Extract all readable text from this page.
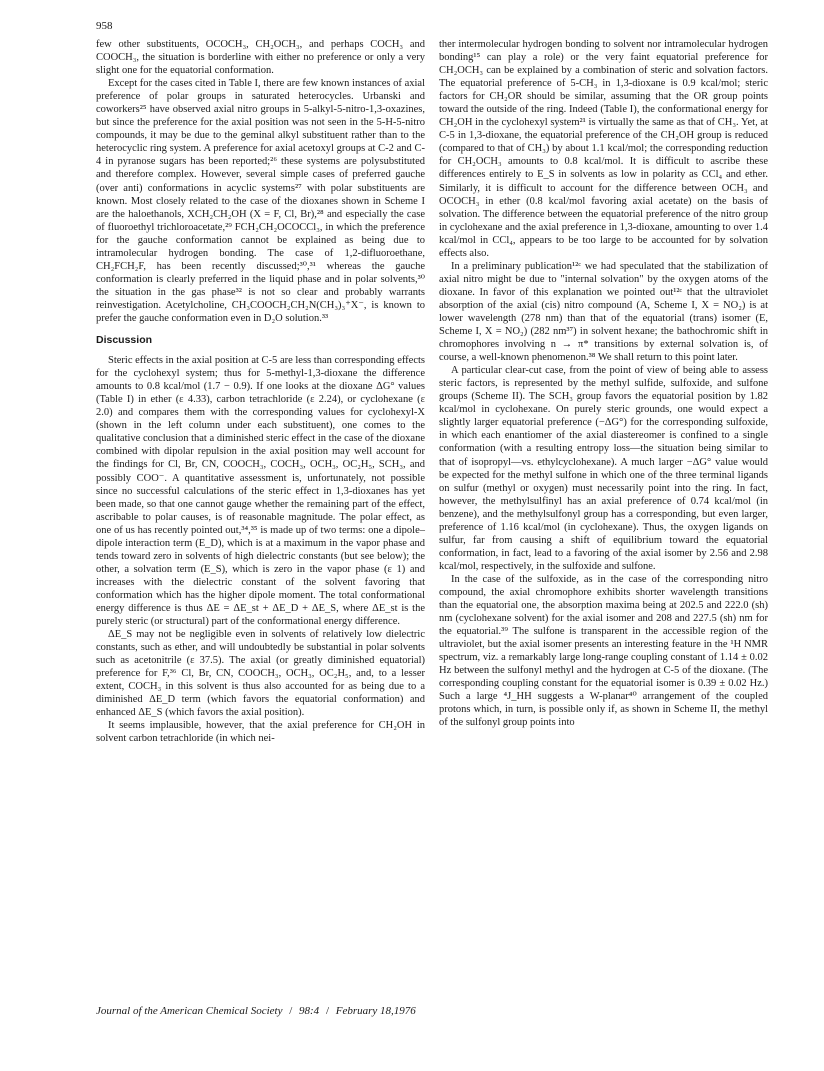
958

few other substituents, OCOCH₃, CH₂OCH₃, and perhaps COCH₃ and COOCH₃, the situation is borderline with either no preference or only a very slight one for the equatorial conformation.

Except for the cases cited in Table I, there are few known instances of axial preference of polar groups in saturated heterocycles. Urbanski and coworkers²⁵ have observed axial nitro groups in 5-alkyl-5-nitro-1,3-oxazines, but since the preference for the axial position was not seen in the 5-H-5-nitro compounds, it may be due to the geminal alkyl substituent rather than to the heterocyclic ring system. A preference for axial acetoxyl groups at C-2 and C-4 in pyranose sugars has been reported;²⁶ these systems are polysubstituted and therefore complex. However, several simple cases of preferred gauche (over anti) conformations in acyclic systems²⁷ with polar substituents are known. Most closely related to the case of the dioxanes shown in Scheme I are the haloethanols, XCH₂CH₂OH (X = F, Cl, Br),²⁸ and especially the case of fluoroethyl trichloroacetate,²⁹ FCH₂CH₂OCOCCl₃, in which the preference for the gauche conformation cannot be explained as being due to intramolecular hydrogen bonding. The case of 1,2-difluoroethane, CH₂FCH₂F, has been recently discussed;³⁰,³¹ whereas the gauche conformation is clearly preferred in the liquid phase and in polar solvents,³⁰ the situation in the gas phase³² is not so clear and probably warrants reinvestigation. Acetylcholine, CH₃COOCH₂CH₂N(CH₃)₃⁺X⁻, is known to prefer the gauche conformation even in D₂O solution.³³

Discussion

Steric effects in the axial position at C-5 are less than corresponding effects for the cyclohexyl system; thus for 5-methyl-1,3-dioxane the difference amounts to 0.8 kcal/mol (1.7 − 0.9). If one looks at the dioxane ΔG° values (Table I) in ether (ε 4.33), carbon tetrachloride (ε 2.24), or cyclohexane (ε 2.0) and compares them with the corresponding values for cyclohexyl-X (shown in the left column under each substituent), one comes to the qualitative conclusion that a diminished steric effect in the case of the dioxane combined with dipolar repulsion in the axial position may well account for the findings for Cl, Br, CN, COOCH₃, COCH₃, OCH₃, OC₂H₅, SCH₃, and possibly COO⁻. A quantitative assessment is, unfortunately, not possible since no successful calculations of the steric effect in 1,3-dioxanes has yet been made, so that one cannot gauge whether the remaining part of the effect, ascribable to polar causes, is of reasonable magnitude. The polar effect, as one of us has recently pointed out,³⁴,³⁵ is made up of two terms: one a dipole–dipole interaction term (E_D), which is at a maximum in the vapor phase and tends toward zero in solvents of high dielectric constants (but see below); the other, a solvation term (E_S), which is zero in the vapor phase (ε 1) and increases with the dielectric constant of the solvent favoring that conformation which has the higher dipole moment. The total conformational energy difference is thus ΔE = ΔE_st + ΔE_D + ΔE_S, where ΔE_st is the purely steric (or structural) part of the conformational energy difference.

ΔE_S may not be negligible even in solvents of relatively low dielectric constants, such as ether, and will undoubtedly be substantial in polar solvents such as acetonitrile (ε 37.5). The axial (or greatly diminished equatorial) preference for F,³⁶ Cl, Br, CN, COOCH₃, OCH₃, OC₂H₅, and, to a lesser extent, COCH₃ in this solvent is thus also accounted for as being due to a diminished ΔE_D term (which favors the equatorial conformation) and enhanced ΔE_S (which favors the axial position).

It seems implausible, however, that the axial preference for CH₂OH in solvent carbon tetrachloride (in which nei-

ther intermolecular hydrogen bonding to solvent nor intramolecular hydrogen bonding¹⁵ can play a role) or the very faint equatorial preference for CH₂OCH₃ can be explained by a combination of steric and solvation factors. The equatorial preference of 5-CH₃ in 1,3-dioxane is 0.9 kcal/mol; steric factors for CH₂OR should be similar, assuming that the OR group points toward the outside of the ring. Indeed (Table I), the conformational energy for CH₂OH in the cyclohexyl system²¹ is virtually the same as that of CH₃. Yet, at C-5 in 1,3-dioxane, the equatorial preference of the CH₂OH group is reduced (compared to that of CH₃) by about 1.1 kcal/mol; the corresponding reduction for CH₂OCH₃ amounts to 0.8 kcal/mol. It is difficult to ascribe these differences entirely to E_S in solvents as low in polarity as CCl₄ and ether. Similarly, it is difficult to account for the difference between OCH₃ and OCOCH₃ in ether (0.8 kcal/mol favoring axial acetate) on the basis of solvation. The difference between the equatorial preference of the nitro group in cyclohexane and the axial preference in 1,3-dioxane, amounting to over 1.4 kcal/mol in CCl₄, appears to be too large to be accounted for by solvation effects also.

In a preliminary publication¹²ᶜ we had speculated that the stabilization of axial nitro might be due to "internal solvation" by the oxygen atoms of the dioxane. In favor of this explanation we pointed out¹²ᶜ that the ultraviolet absorption of the axial (cis) nitro compound (A, Scheme I, X = NO₂) is at lower wavelength (278 nm) than that of the equatorial (trans) isomer (E, Scheme I, X = NO₂) (282 nm³⁷) in solvent hexane; the bathochromic shift in chromophores involving n → π* transitions by external solvation is, of course, a well-known phenomenon.³⁸ We shall return to this point later.

A particular clear-cut case, from the point of view of being able to assess steric factors, is represented by the methyl sulfide, sulfoxide, and sulfone groups (Scheme II). The SCH₃ group favors the equatorial position by 1.82 kcal/mol in cyclohexane. On purely steric grounds, one would expect a slightly larger equatorial preference (−ΔG°) for the corresponding sulfoxide, in which each enantiomer of the axial diastereomer is confined to a single conformation (with a resulting entropy loss—the situation being similar to that of isopropyl—vs. ethylcyclohexane). A much larger −ΔG° value would be expected for the methyl sulfone in which one of the three terminal ligands on sulfur (methyl or oxygen) must necessarily point into the ring. In fact, however, the methylsulfinyl has an axial preference of 0.74 kcal/mol (in benzene), and the methylsulfonyl group has a corresponding, but even larger, preference of 1.16 kcal/mol (in cyclohexane). Thus, the oxygen ligands on sulfur, far from causing a shift of equilibrium toward the equatorial conformation, in fact, lead to a favoring of the axial isomer by 2.56 and 2.98 kcal/mol, respectively, in the sulfoxide and sulfone.

In the case of the sulfoxide, as in the case of the corresponding nitro compound, the axial chromophore exhibits shorter wavelength transitions than the equatorial one, the absorption maxima being at 202.5 and 222.0 (sh) nm (cyclohexane solvent) for the axial isomer and 208 and 227.5 (sh) nm for the equatorial.³⁹ The sulfone is transparent in the accessible region of the ultraviolet, but the axial isomer presents an interesting feature in the ¹H NMR spectrum, viz. a remarkably large long-range coupling constant of 1.14 ± 0.02 Hz between the sulfonyl methyl and the hydrogen at C-5 of the dioxane. (The corresponding coupling constant for the equatorial isomer is 0.39 ± 0.02 Hz.) Such a large ⁴J_HH suggests a W-planar⁴⁰ arrangement of the coupled protons which, in turn, is possible only if, as shown in Scheme II, the methyl of the sulfonyl group points into

Journal of the American Chemical Society / 98:4 / February 18,1976
